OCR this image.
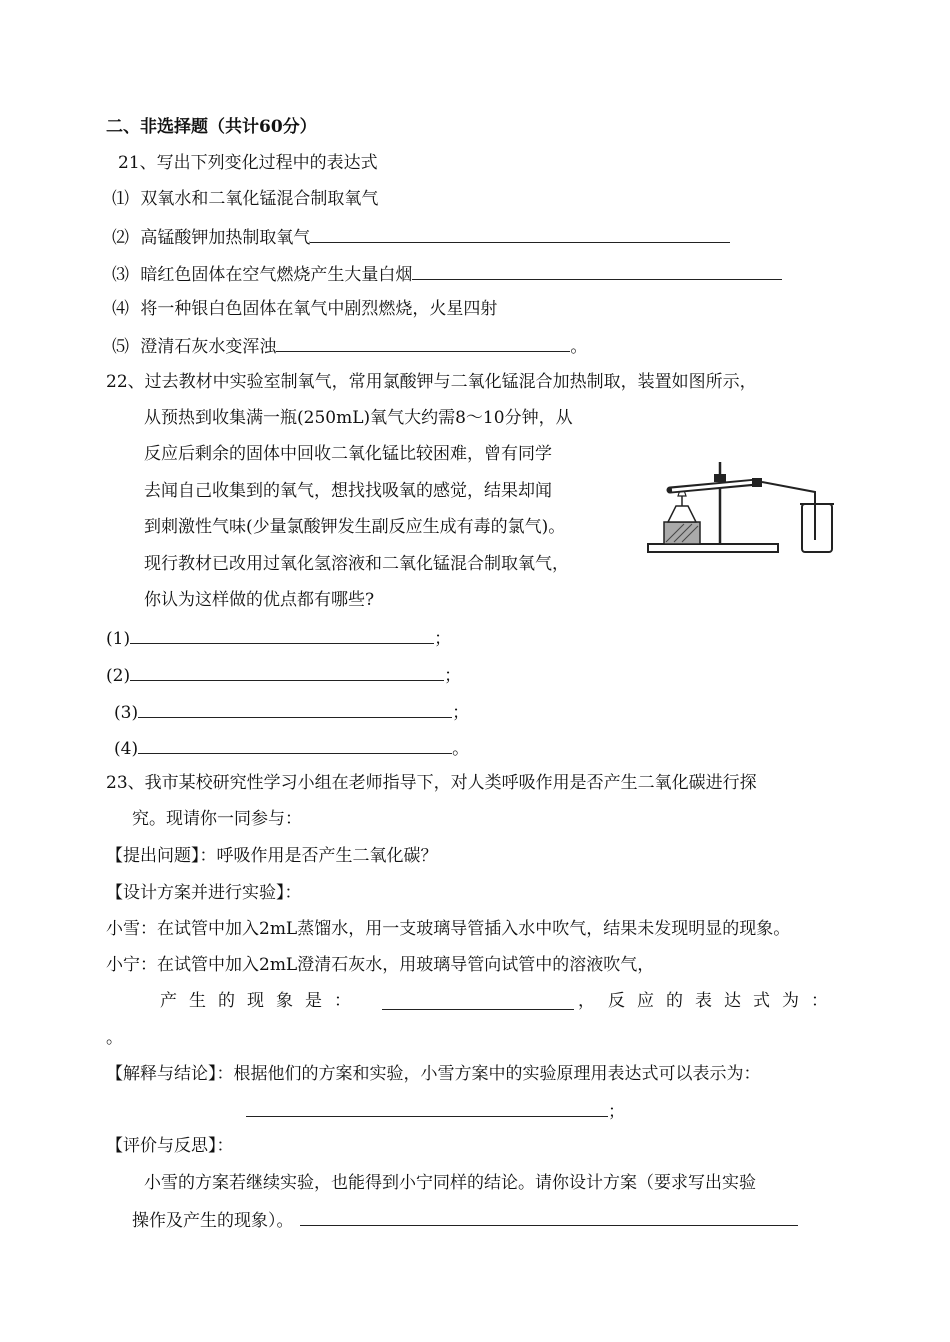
二、非选择题（共计60分）
21、写出下列变化过程中的表达式
⑴ 双氧水和二氧化锰混合制取氧气
⑵ 高锰酸钾加热制取氧气
⑶ 暗红色固体在空气燃烧产生大量白烟
⑷ 将一种银白色固体在氧气中剧烈燃烧，火星四射
⑸ 澄清石灰水变浑浊	。
22、过去教材中实验室制氧气，常用氯酸钾与二氧化锰混合加热制取，装置如图所示，
从预热到收集满一瓶(250mL)氧气大约需8～10分钟，从
反应后剩余的固体中回收二氧化锰比较困难，曾有同学
去闻自己收集到的氧气，想找找吸氧的感觉，结果却闻
到刺激性气味(少量氯酸钾发生副反应生成有毒的氯气)。
现行教材已改用过氧化氢溶液和二氧化锰混合制取氧气，
你认为这样做的优点都有哪些?
(1)	；
(2)	；
(3)	；
(4)	。
23、我市某校研究性学习小组在老师指导下，对人类呼吸作用是否产生二氧化碳进行探
究。现请你一同参与：
【提出问题】：呼吸作用是否产生二氧化碳？
【设计方案并进行实验】：
小雪：在试管中加入2mL蒸馏水，用一支玻璃导管插入水中吹气，结果未发现明显的现象。
小宁：在试管中加入2mL澄清石灰水，用玻璃导管向试管中的溶液吹气，
产生的现象是：	， 反应的表达式为：
。
【解释与结论】：根据他们的方案和实验，小雪方案中的实验原理用表达式可以表示为：
；
【评价与反思】：
小雪的方案若继续实验，也能得到小宁同样的结论。请你设计方案（要求写出实验
操作及产生的现象）。
